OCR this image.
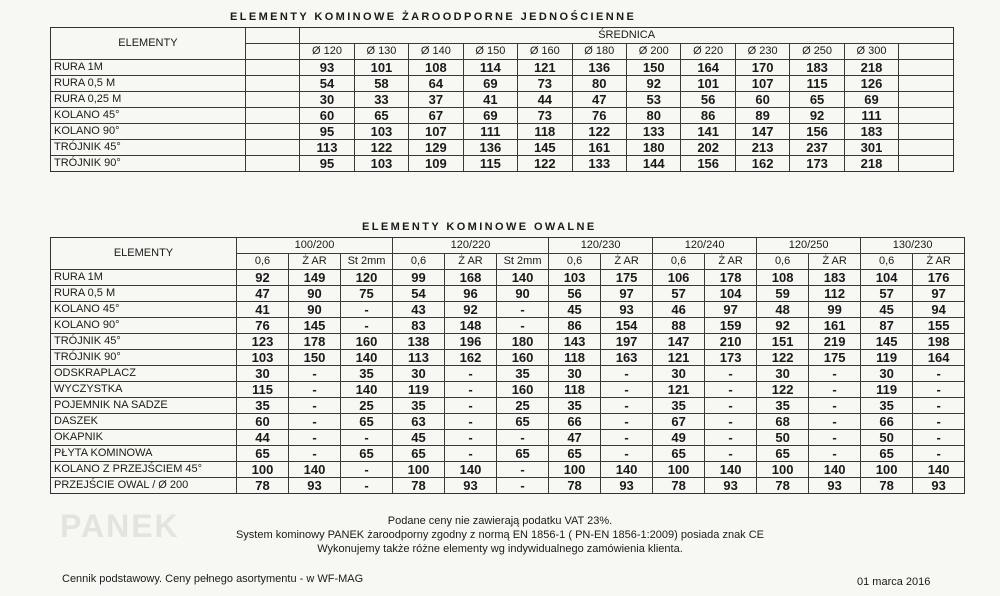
PANEK
ELEMENTY KOMINOWE ŻAROODPORNE JEDNOŚCIENNE
ELEMENTY		ŚREDNICA											
		Ø 120	Ø 130	Ø 140	Ø 150	Ø 160	Ø 180	Ø 200	Ø 220	Ø 230	Ø 250	Ø 300	
RURA 1M		93	101	108	114	121	136	150	164	170	183	218	
RURA 0,5 M		54	58	64	69	73	80	92	101	107	115	126	
RURA 0,25 M		30	33	37	41	44	47	53	56	60	65	69	
KOLANO 45°		60	65	67	69	73	76	80	86	89	92	111	
KOLANO 90°		95	103	107	111	118	122	133	141	147	156	183	
TRÓJNIK 45°		113	122	129	136	145	161	180	202	213	237	301	
TRÓJNIK 90°		95	103	109	115	122	133	144	156	162	173	218	
ELEMENTY KOMINOWE OWALNE
ELEMENTY	100/200			120/220			120/230		120/240		120/250		130/230	
	0,6	Ż AR	St 2mm	0,6	Ż AR	St 2mm	0,6	Ż AR	0,6	Ż AR	0,6	Ż AR	0,6	Ż AR
RURA 1M	92	149	120	99	168	140	103	175	106	178	108	183	104	176
RURA 0,5 M	47	90	75	54	96	90	56	97	57	104	59	112	57	97
KOLANO 45°	41	90	-	43	92	-	45	93	46	97	48	99	45	94
KOLANO 90°	76	145	-	83	148	-	86	154	88	159	92	161	87	155
TRÓJNIK 45°	123	178	160	138	196	180	143	197	147	210	151	219	145	198
TRÓJNIK 90°	103	150	140	113	162	160	118	163	121	173	122	175	119	164
ODSKRAPLACZ	30	-	35	30	-	35	30	-	30	-	30	-	30	-
WYCZYSTKA	115	-	140	119	-	160	118	-	121	-	122	-	119	-
POJEMNIK NA SADZE	35	-	25	35	-	25	35	-	35	-	35	-	35	-
DASZEK	60	-	65	63	-	65	66	-	67	-	68	-	66	-
OKAPNIK	44	-	-	45	-	-	47	-	49	-	50	-	50	-
PŁYTA KOMINOWA	65	-	65	65	-	65	65	-	65	-	65	-	65	-
KOLANO Z PRZEJŚCIEM 45°	100	140	-	100	140	-	100	140	100	140	100	140	100	140
PRZEJŚCIE OWAL / Ø 200	78	93	-	78	93	-	78	93	78	93	78	93	78	93
Podane ceny nie zawierają podatku VAT 23%.
System kominowy PANEK żaroodporny zgodny z normą EN 1856-1 ( PN-EN 1856-1:2009) posiada znak CE
Wykonujemy także różne elementy wg indywidualnego zamówienia klienta.
Cennik podstawowy. Ceny pełnego asortymentu - w WF-MAG	01 marca 2016
